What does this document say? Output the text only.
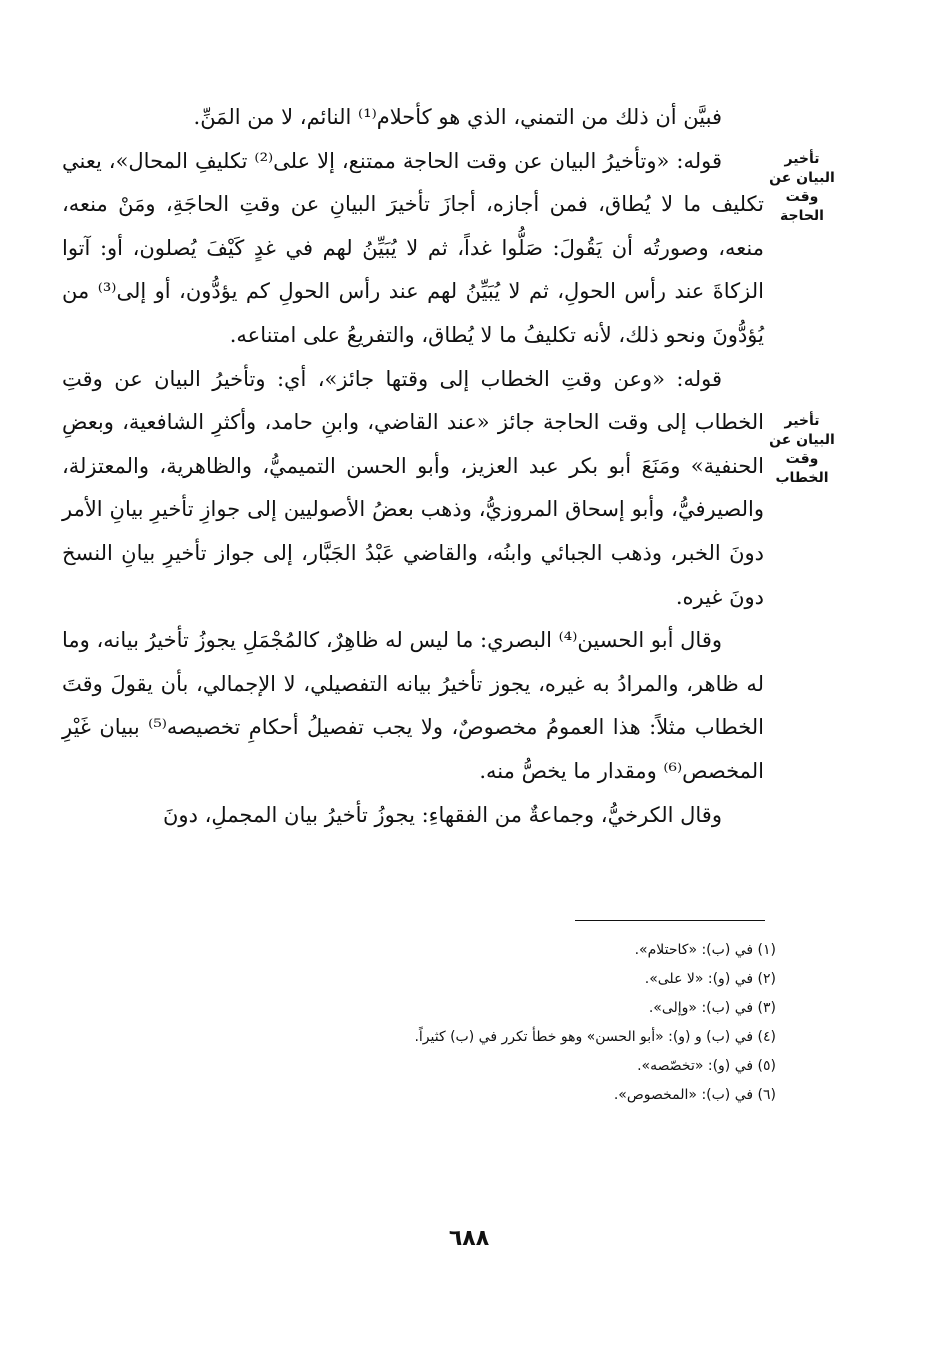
تأخير البيان عن وقت الحاجة
تأخير البيان عن وقت الخطاب

فبيَّن أن ذلك من التمني، الذي هو كأحلام⁽¹⁾ النائم، لا من المَنِّ.

قوله: «وتأخيرُ البيان عن وقت الحاجة ممتنع، إلا على⁽²⁾ تكليفِ المحال»، يعني تكليف ما لا يُطاق، فمن أجازه، أجازَ تأخيرَ البيانِ عن وقتِ الحاجَةِ، ومَنْ منعه، منعه، وصورتُه أن يَقُولَ: صَلُّوا غداً، ثم لا يُبَيِّنُ لهم في غدٍ كَيْفَ يُصلون، أو: آتوا الزكاةَ عند رأس الحولِ، ثم لا يُبَيِّنُ لهم عند رأس الحولِ كم يؤدُّون، أو إلى⁽³⁾ من يُؤدُّونَ ونحو ذلك، لأنه تكليفُ ما لا يُطاق، والتفريعُ على امتناعه.

قوله: «وعن وقتِ الخطاب إلى وقتها جائز»، أي: وتأخيرُ البيان عن وقتِ الخطاب إلى وقت الحاجة جائز «عند القاضي، وابنِ حامد، وأكثرِ الشافعية، وبعضِ الحنفية» ومَنَعَ أبو بكر عبد العزيز، وأبو الحسن التميميُّ، والظاهرية، والمعتزلة، والصيرفيُّ، وأبو إسحاق المروزيُّ، وذهب بعضُ الأصوليين إلى جوازِ تأخيرِ بيانِ الأمر دونَ الخبر، وذهب الجبائي وابنُه، والقاضي عَبْدُ الجَبَّار، إلى جواز تأخيرِ بيانِ النسخ دونَ غيره.

وقال أبو الحسين⁽⁴⁾ البصري: ما ليس له ظاهِرٌ، كالمُجْمَلِ يجوزُ تأخيرُ بيانه، وما له ظاهر، والمرادُ به غيره، يجوز تأخيرُ بيانه التفصيلي، لا الإجمالي، بأن يقولَ وقتَ الخطاب مثلاً: هذا العمومُ مخصوصٌ، ولا يجب تفصيلُ أحكامِ تخصيصه⁽⁵⁾ ببيان غَيْرِ المخصص⁽⁶⁾ ومقدار ما يخصُّ منه.

وقال الكرخيُّ، وجماعةٌ من الفقهاءِ: يجوزُ تأخيرُ بيان المجملِ، دونَ

(١) في (ب): «كاحتلام».
(٢) في (و): «لا على».
(٣) في (ب): «وإلى».
(٤) في (ب) و (و): «أبو الحسن» وهو خطأ تكرر في (ب) كثيراً.
(٥) في (و): «تخصّصه».
(٦) في (ب): «المخصوص».
٦٨٨
